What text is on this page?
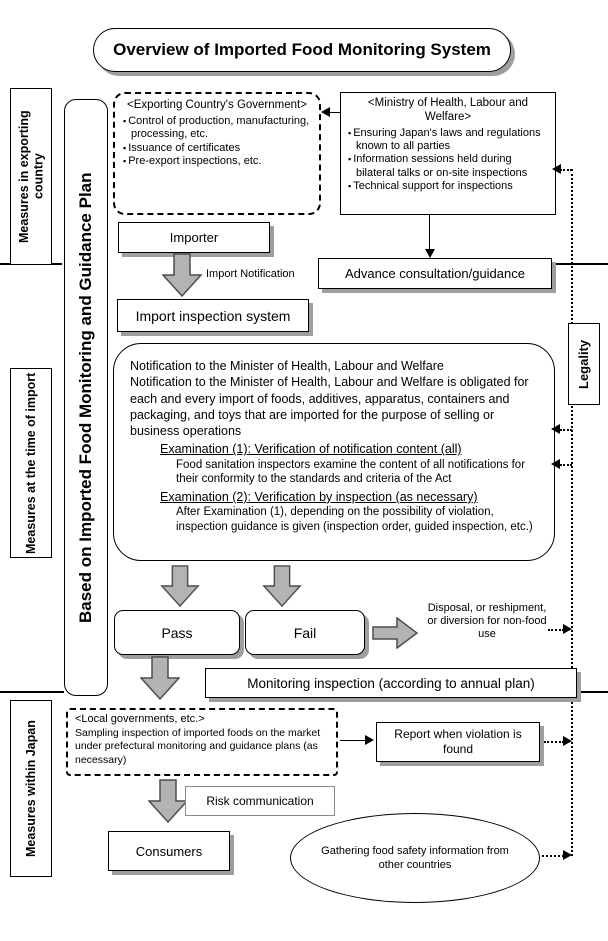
Overview of Imported Food Monitoring System
Measures in exporting country
Measures at the time of import
Measures within Japan
Based on Imported Food Monitoring and Guidance Plan
<Exporting Country's Government>
▪ Control of production, manufacturing, processing, etc.
▪ Issuance of certificates
▪ Pre-export inspections, etc.
<Ministry of Health, Labour and Welfare>
▪ Ensuring Japan's laws and regulations known to all parties
▪ Information sessions held during bilateral talks or on-site inspections
▪ Technical support for inspections
Importer
Import Notification	Advance consultation/guidance
Import inspection system
Legality

Notification to the Minister of Health, Labour and Welfare

Notification to the Minister of Health, Labour and Welfare is obligated for each and every import of foods, additives, apparatus, containers and packaging, and toys that are imported for the purpose of selling or business operations

Examination (1): Verification of notification content (all)

Food sanitation inspectors examine the content of all notifications for their conformity to the standards and criteria of the Act

Examination (2): Verification by inspection (as necessary)

After Examination (1), depending on the possibility of violation, inspection guidance is given (inspection order, guided inspection, etc.)

Pass	Fail
Disposal, or reshipment, or diversion for non-food use
Monitoring inspection (according to annual plan)
<Local governments, etc.>
Sampling inspection of imported foods on the market under prefectural monitoring and guidance plans (as necessary)
Report when violation is found
Risk communication
Consumers	Gathering food safety information from other countries
